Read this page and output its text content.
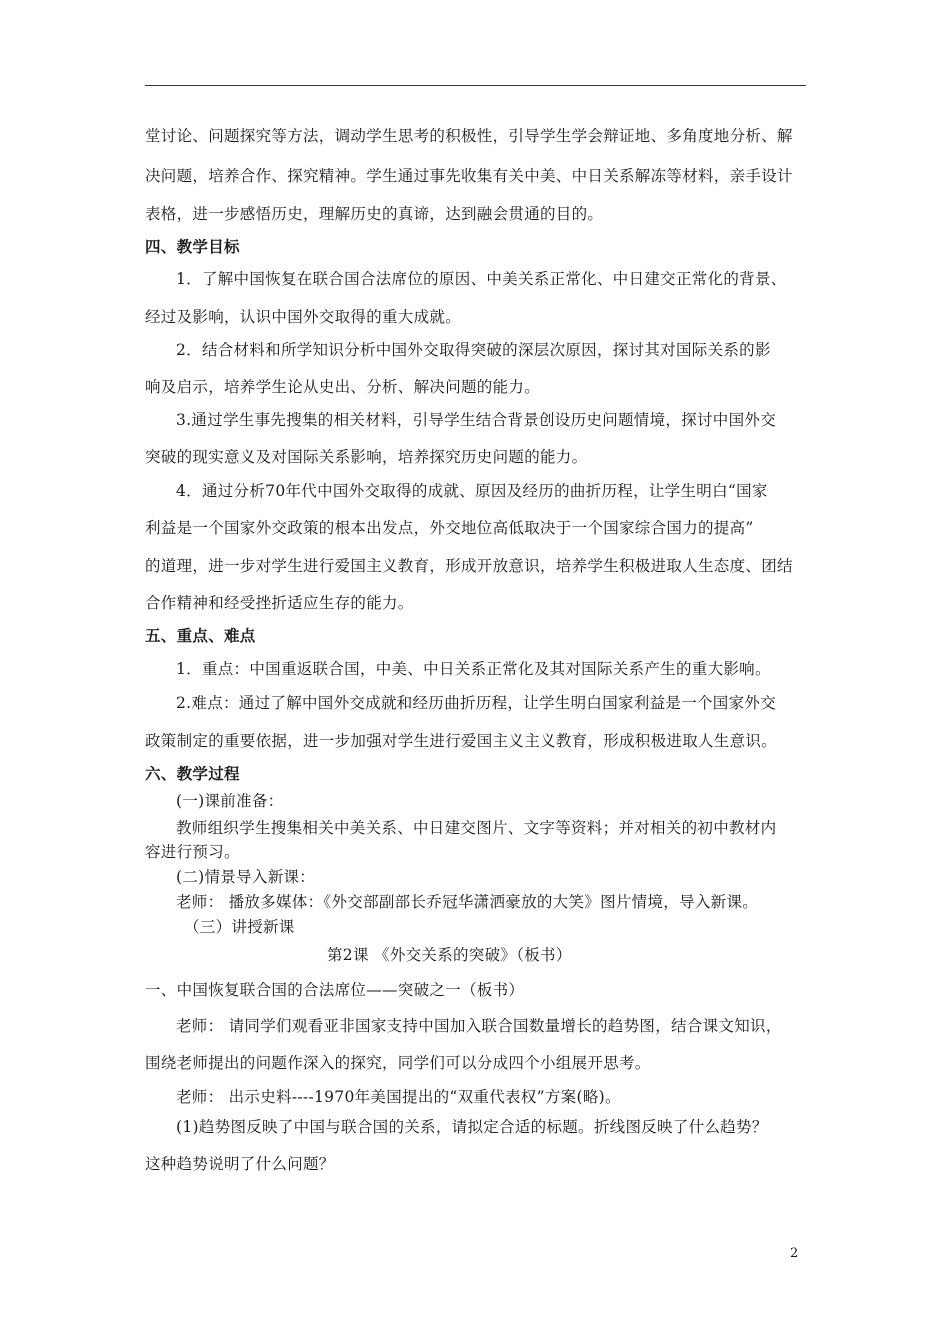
堂讨论、问题探究等方法，调动学生思考的积极性，引导学生学会辩证地、多角度地分析、解
决问题，培养合作、探究精神。学生通过事先收集有关中美、中日关系解冻等材料，亲手设计
表格，进一步感悟历史，理解历史的真谛，达到融会贯通的目的。
四、教学目标
1．了解中国恢复在联合国合法席位的原因、中美关系正常化、中日建交正常化的背景、
经过及影响，认识中国外交取得的重大成就。
2．结合材料和所学知识分析中国外交取得突破的深层次原因，探讨其对国际关系的影
响及启示，培养学生论从史出、分析、解决问题的能力。
3.通过学生事先搜集的相关材料，引导学生结合背景创设历史问题情境，探讨中国外交
突破的现实意义及对国际关系影响，培养探究历史问题的能力。
4．通过分析70年代中国外交取得的成就、原因及经历的曲折历程，让学生明白“国家
利益是一个国家外交政策的根本出发点，外交地位高低取决于一个国家综合国力的提高”
的道理，进一步对学生进行爱国主义教育，形成开放意识，培养学生积极进取人生态度、团结
合作精神和经受挫折适应生存的能力。
五、重点、难点
1．重点：中国重返联合国，中美、中日关系正常化及其对国际关系产生的重大影响。
2.难点：通过了解中国外交成就和经历曲折历程，让学生明白国家利益是一个国家外交
政策制定的重要依据，进一步加强对学生进行爱国主义主义教育，形成积极进取人生意识。
六、教学过程
(一)课前准备：
教师组织学生搜集相关中美关系、中日建交图片、文字等资料；并对相关的初中教材内
容进行预习。
(二)情景导入新课：
老师： 播放多媒体：《外交部副部长乔冠华潇洒豪放的大笑》图片情境，导入新课。
（三）讲授新课
第2课 《外交关系的突破》（板书）
一、中国恢复联合国的合法席位——突破之一（板书）
老师： 请同学们观看亚非国家支持中国加入联合国数量增长的趋势图，结合课文知识，
围绕老师提出的问题作深入的探究，同学们可以分成四个小组展开思考。
老师： 出示史料----1970年美国提出的“双重代表权”方案(略)。
(1)趋势图反映了中国与联合国的关系，请拟定合适的标题。折线图反映了什么趋势？
这种趋势说明了什么问题？
2
